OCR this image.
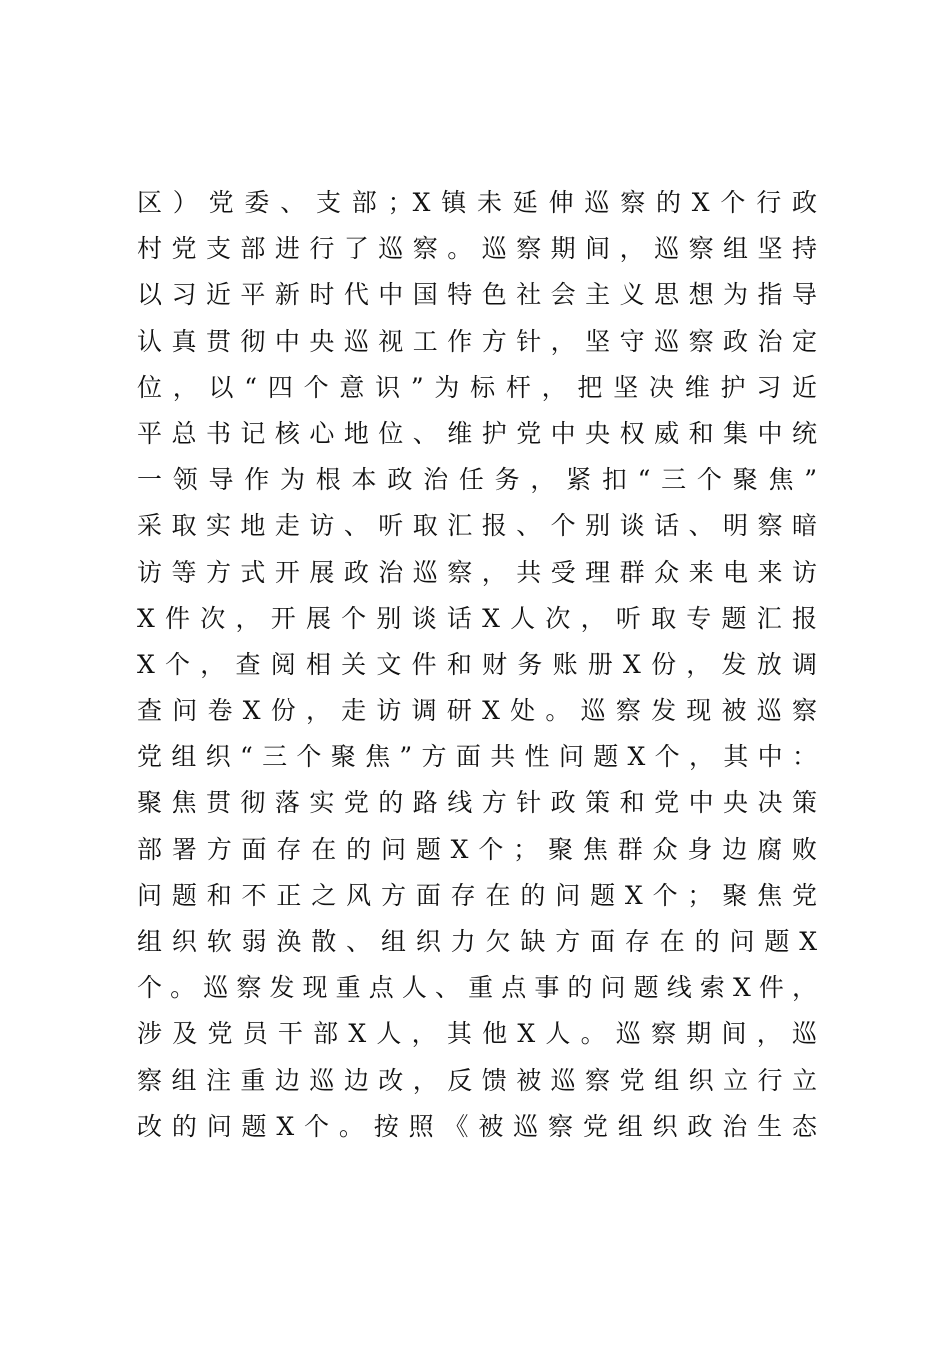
区）党委、支部；X镇未延伸巡察的X个行政
村党支部进行了巡察。巡察期间，巡察组坚持
以习近平新时代中国特色社会主义思想为指导
认真贯彻中央巡视工作方针，坚守巡察政治定
位，以“四个意识”为标杆，把坚决维护习近
平总书记核心地位、维护党中央权威和集中统
一领导作为根本政治任务，紧扣“三个聚焦”
采取实地走访、听取汇报、个别谈话、明察暗
访等方式开展政治巡察，共受理群众来电来访
X件次，开展个别谈话X人次，听取专题汇报
X个，查阅相关文件和财务账册X份，发放调
查问卷X份，走访调研X处。巡察发现被巡察
党组织“三个聚焦”方面共性问题X个，其中：
聚焦贯彻落实党的路线方针政策和党中央决策
部署方面存在的问题X个；聚焦群众身边腐败
问题和不正之风方面存在的问题X个；聚焦党
组织软弱涣散、组织力欠缺方面存在的问题X
个。巡察发现重点人、重点事的问题线索X件，
涉及党员干部X人，其他X人。巡察期间，巡
察组注重边巡边改，反馈被巡察党组织立行立
改的问题X个。按照《被巡察党组织政治生态
